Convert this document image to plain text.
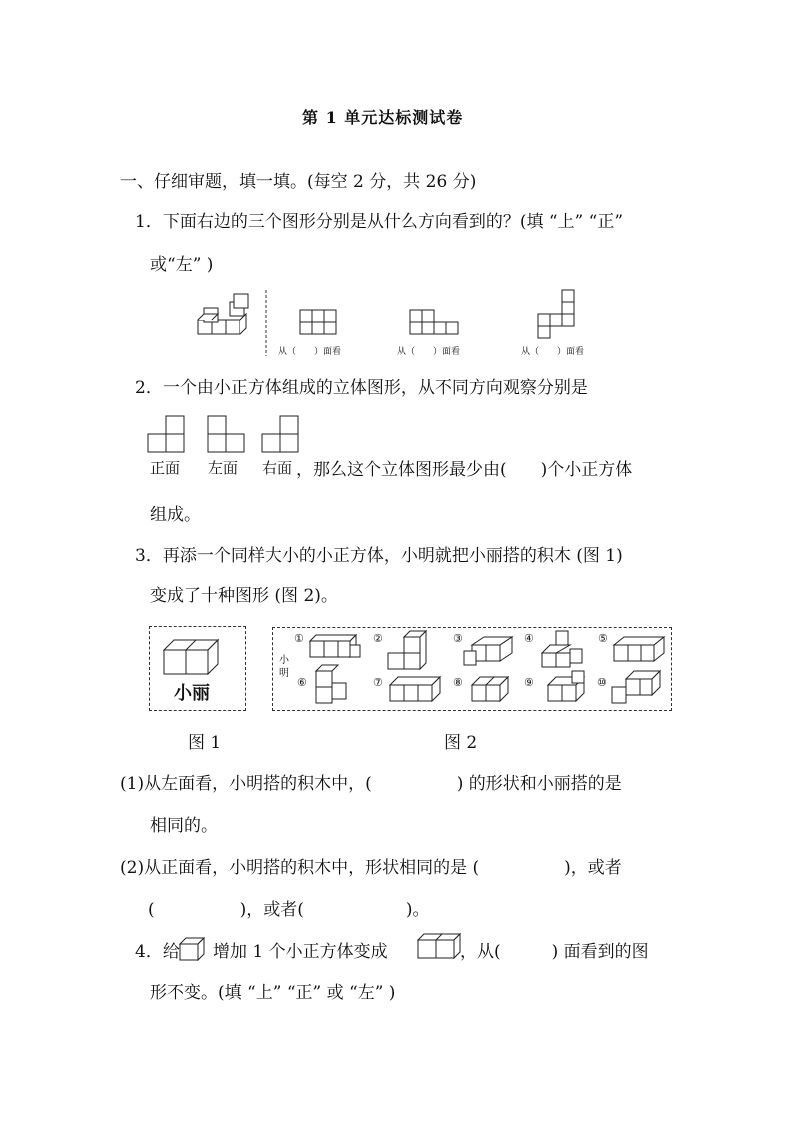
第 1 单元达标测试卷
一、仔细审题，填一填。(每空 2 分，共 26 分)
1．下面右边的三个图形分别是从什么方向看到的？(填 “上” “正”
或“左” )
从（　　）面看	从（　　）面看	从（　　）面看
2．一个由小正方体组成的立体图形，从不同方向观察分别是
正面 左面 右面 ，那么这个立体图形最少由(　　)个小正方体
组成。
3．再添一个同样大小的小正方体，小明就把小丽搭的积木 (图 1)
变成了十种图形 (图 2)。
小丽
小明
①	②	③	④	⑤
⑥	⑦	⑧	⑨	⑩
图 1	图 2
(1)从左面看，小明搭的积木中，(　　　　　) 的形状和小丽搭的是
相同的。
(2)从正面看，小明搭的积木中，形状相同的是 (　　　　　)，或者
(　　　　　)，或者(　　　　　　)。
4．给 增加 1 个小正方体变成	，从(　　　) 面看到的图
形不变。(填 “上” “正” 或 “左” )
